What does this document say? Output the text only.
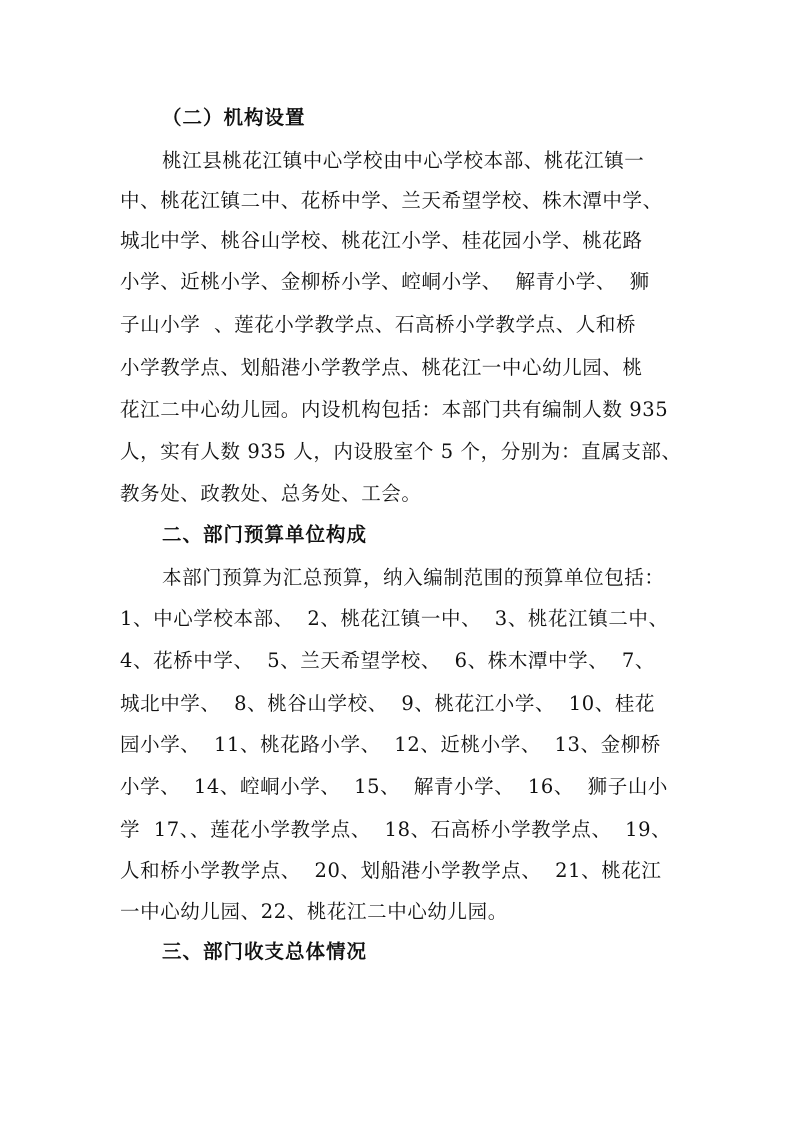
（二）机构设置
桃江县桃花江镇中心学校由中心学校本部、桃花江镇一
中、桃花江镇二中、花桥中学、兰天希望学校、株木潭中学、
城北中学、桃谷山学校、桃花江小学、桂花园小学、桃花路
小学、近桃小学、金柳桥小学、崆峒小学、  解青小学、  狮
子山小学  、莲花小学教学点、石高桥小学教学点、人和桥
小学教学点、划船港小学教学点、桃花江一中心幼儿园、桃
花江二中心幼儿园。内设机构包括：本部门共有编制人数 935
人，实有人数 935 人，内设股室个 5 个，分别为：直属支部、
教务处、政教处、总务处、工会。
二、部门预算单位构成
本部门预算为汇总预算，纳入编制范围的预算单位包括：
1、中心学校本部、  2、桃花江镇一中、  3、桃花江镇二中、
4、花桥中学、  5、兰天希望学校、  6、株木潭中学、  7、
城北中学、  8、桃谷山学校、  9、桃花江小学、  10、桂花
园小学、  11、桃花路小学、  12、近桃小学、  13、金柳桥
小学、  14、崆峒小学、  15、  解青小学、  16、  狮子山小
学  17、、莲花小学教学点、  18、石高桥小学教学点、  19、
人和桥小学教学点、  20、划船港小学教学点、  21、桃花江
一中心幼儿园、22、桃花江二中心幼儿园。
三、部门收支总体情况
